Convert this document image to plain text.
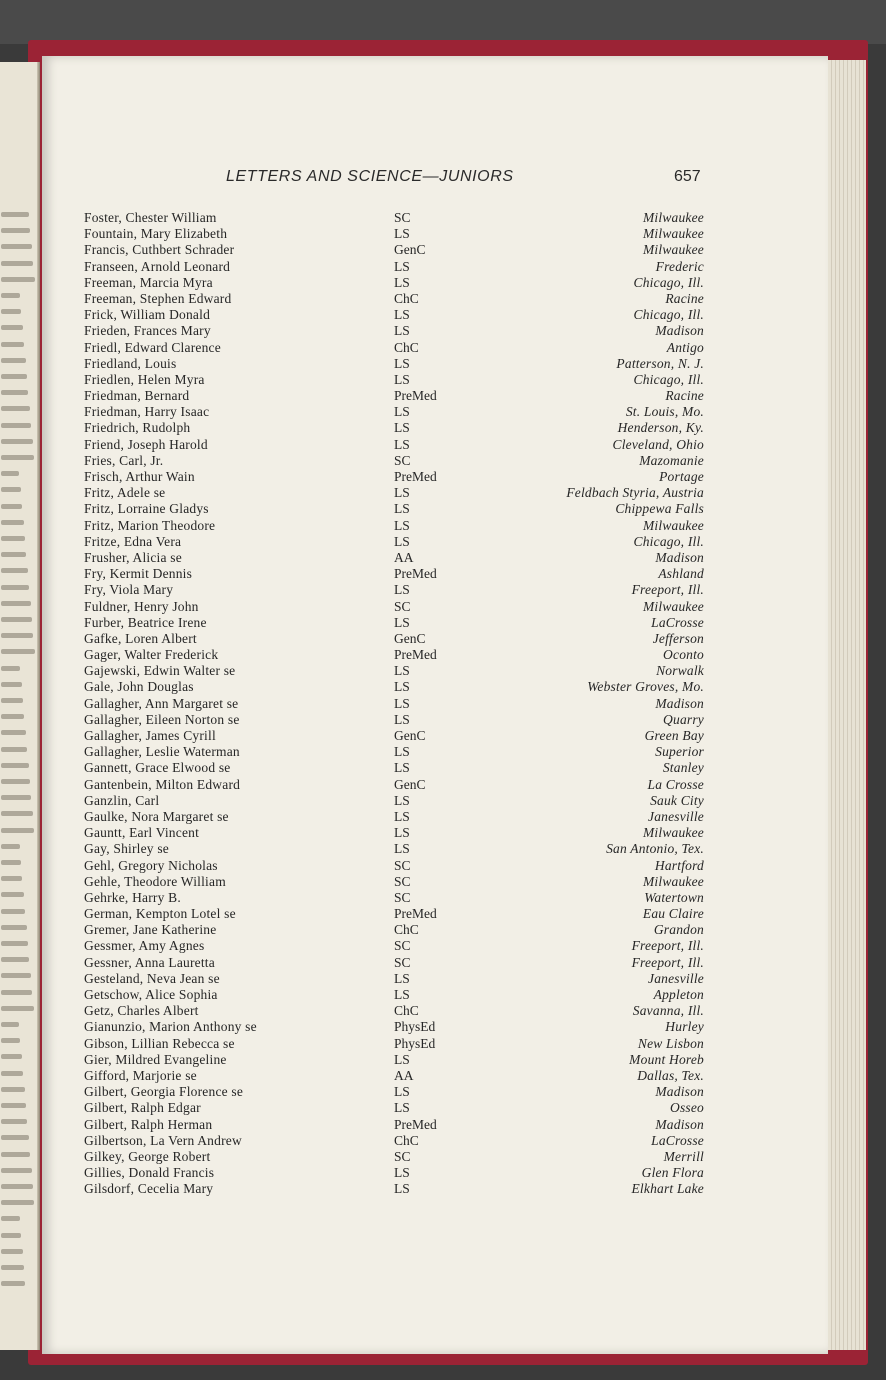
LETTERS AND SCIENCE—JUNIORS	657
Foster, Chester William	SC	Milwaukee
Fountain, Mary Elizabeth	LS	Milwaukee
Francis, Cuthbert Schrader	GenC	Milwaukee
Franseen, Arnold Leonard	LS	Frederic
Freeman, Marcia Myra	LS	Chicago, Ill.
Freeman, Stephen Edward	ChC	Racine
Frick, William Donald	LS	Chicago, Ill.
Frieden, Frances Mary	LS	Madison
Friedl, Edward Clarence	ChC	Antigo
Friedland, Louis	LS	Patterson, N. J.
Friedlen, Helen Myra	LS	Chicago, Ill.
Friedman, Bernard	PreMed	Racine
Friedman, Harry Isaac	LS	St. Louis, Mo.
Friedrich, Rudolph	LS	Henderson, Ky.
Friend, Joseph Harold	LS	Cleveland, Ohio
Fries, Carl, Jr.	SC	Mazomanie
Frisch, Arthur Wain	PreMed	Portage
Fritz, Adele se	LS	Feldbach Styria, Austria
Fritz, Lorraine Gladys	LS	Chippewa Falls
Fritz, Marion Theodore	LS	Milwaukee
Fritze, Edna Vera	LS	Chicago, Ill.
Frusher, Alicia se	AA	Madison
Fry, Kermit Dennis	PreMed	Ashland
Fry, Viola Mary	LS	Freeport, Ill.
Fuldner, Henry John	SC	Milwaukee
Furber, Beatrice Irene	LS	LaCrosse
Gafke, Loren Albert	GenC	Jefferson
Gager, Walter Frederick	PreMed	Oconto
Gajewski, Edwin Walter se	LS	Norwalk
Gale, John Douglas	LS	Webster Groves, Mo.
Gallagher, Ann Margaret se	LS	Madison
Gallagher, Eileen Norton se	LS	Quarry
Gallagher, James Cyrill	GenC	Green Bay
Gallagher, Leslie Waterman	LS	Superior
Gannett, Grace Elwood se	LS	Stanley
Gantenbein, Milton Edward	GenC	La Crosse
Ganzlin, Carl	LS	Sauk City
Gaulke, Nora Margaret se	LS	Janesville
Gauntt, Earl Vincent	LS	Milwaukee
Gay, Shirley se	LS	San Antonio, Tex.
Gehl, Gregory Nicholas	SC	Hartford
Gehle, Theodore William	SC	Milwaukee
Gehrke, Harry B.	SC	Watertown
German, Kempton Lotel se	PreMed	Eau Claire
Gremer, Jane Katherine	ChC	Grandon
Gessmer, Amy Agnes	SC	Freeport, Ill.
Gessner, Anna Lauretta	SC	Freeport, Ill.
Gesteland, Neva Jean se	LS	Janesville
Getschow, Alice Sophia	LS	Appleton
Getz, Charles Albert	ChC	Savanna, Ill.
Gianunzio, Marion Anthony se	PhysEd	Hurley
Gibson, Lillian Rebecca se	PhysEd	New Lisbon
Gier, Mildred Evangeline	LS	Mount Horeb
Gifford, Marjorie se	AA	Dallas, Tex.
Gilbert, Georgia Florence se	LS	Madison
Gilbert, Ralph Edgar	LS	Osseo
Gilbert, Ralph Herman	PreMed	Madison
Gilbertson, La Vern Andrew	ChC	LaCrosse
Gilkey, George Robert	SC	Merrill
Gillies, Donald Francis	LS	Glen Flora
Gilsdorf, Cecelia Mary	LS	Elkhart Lake
